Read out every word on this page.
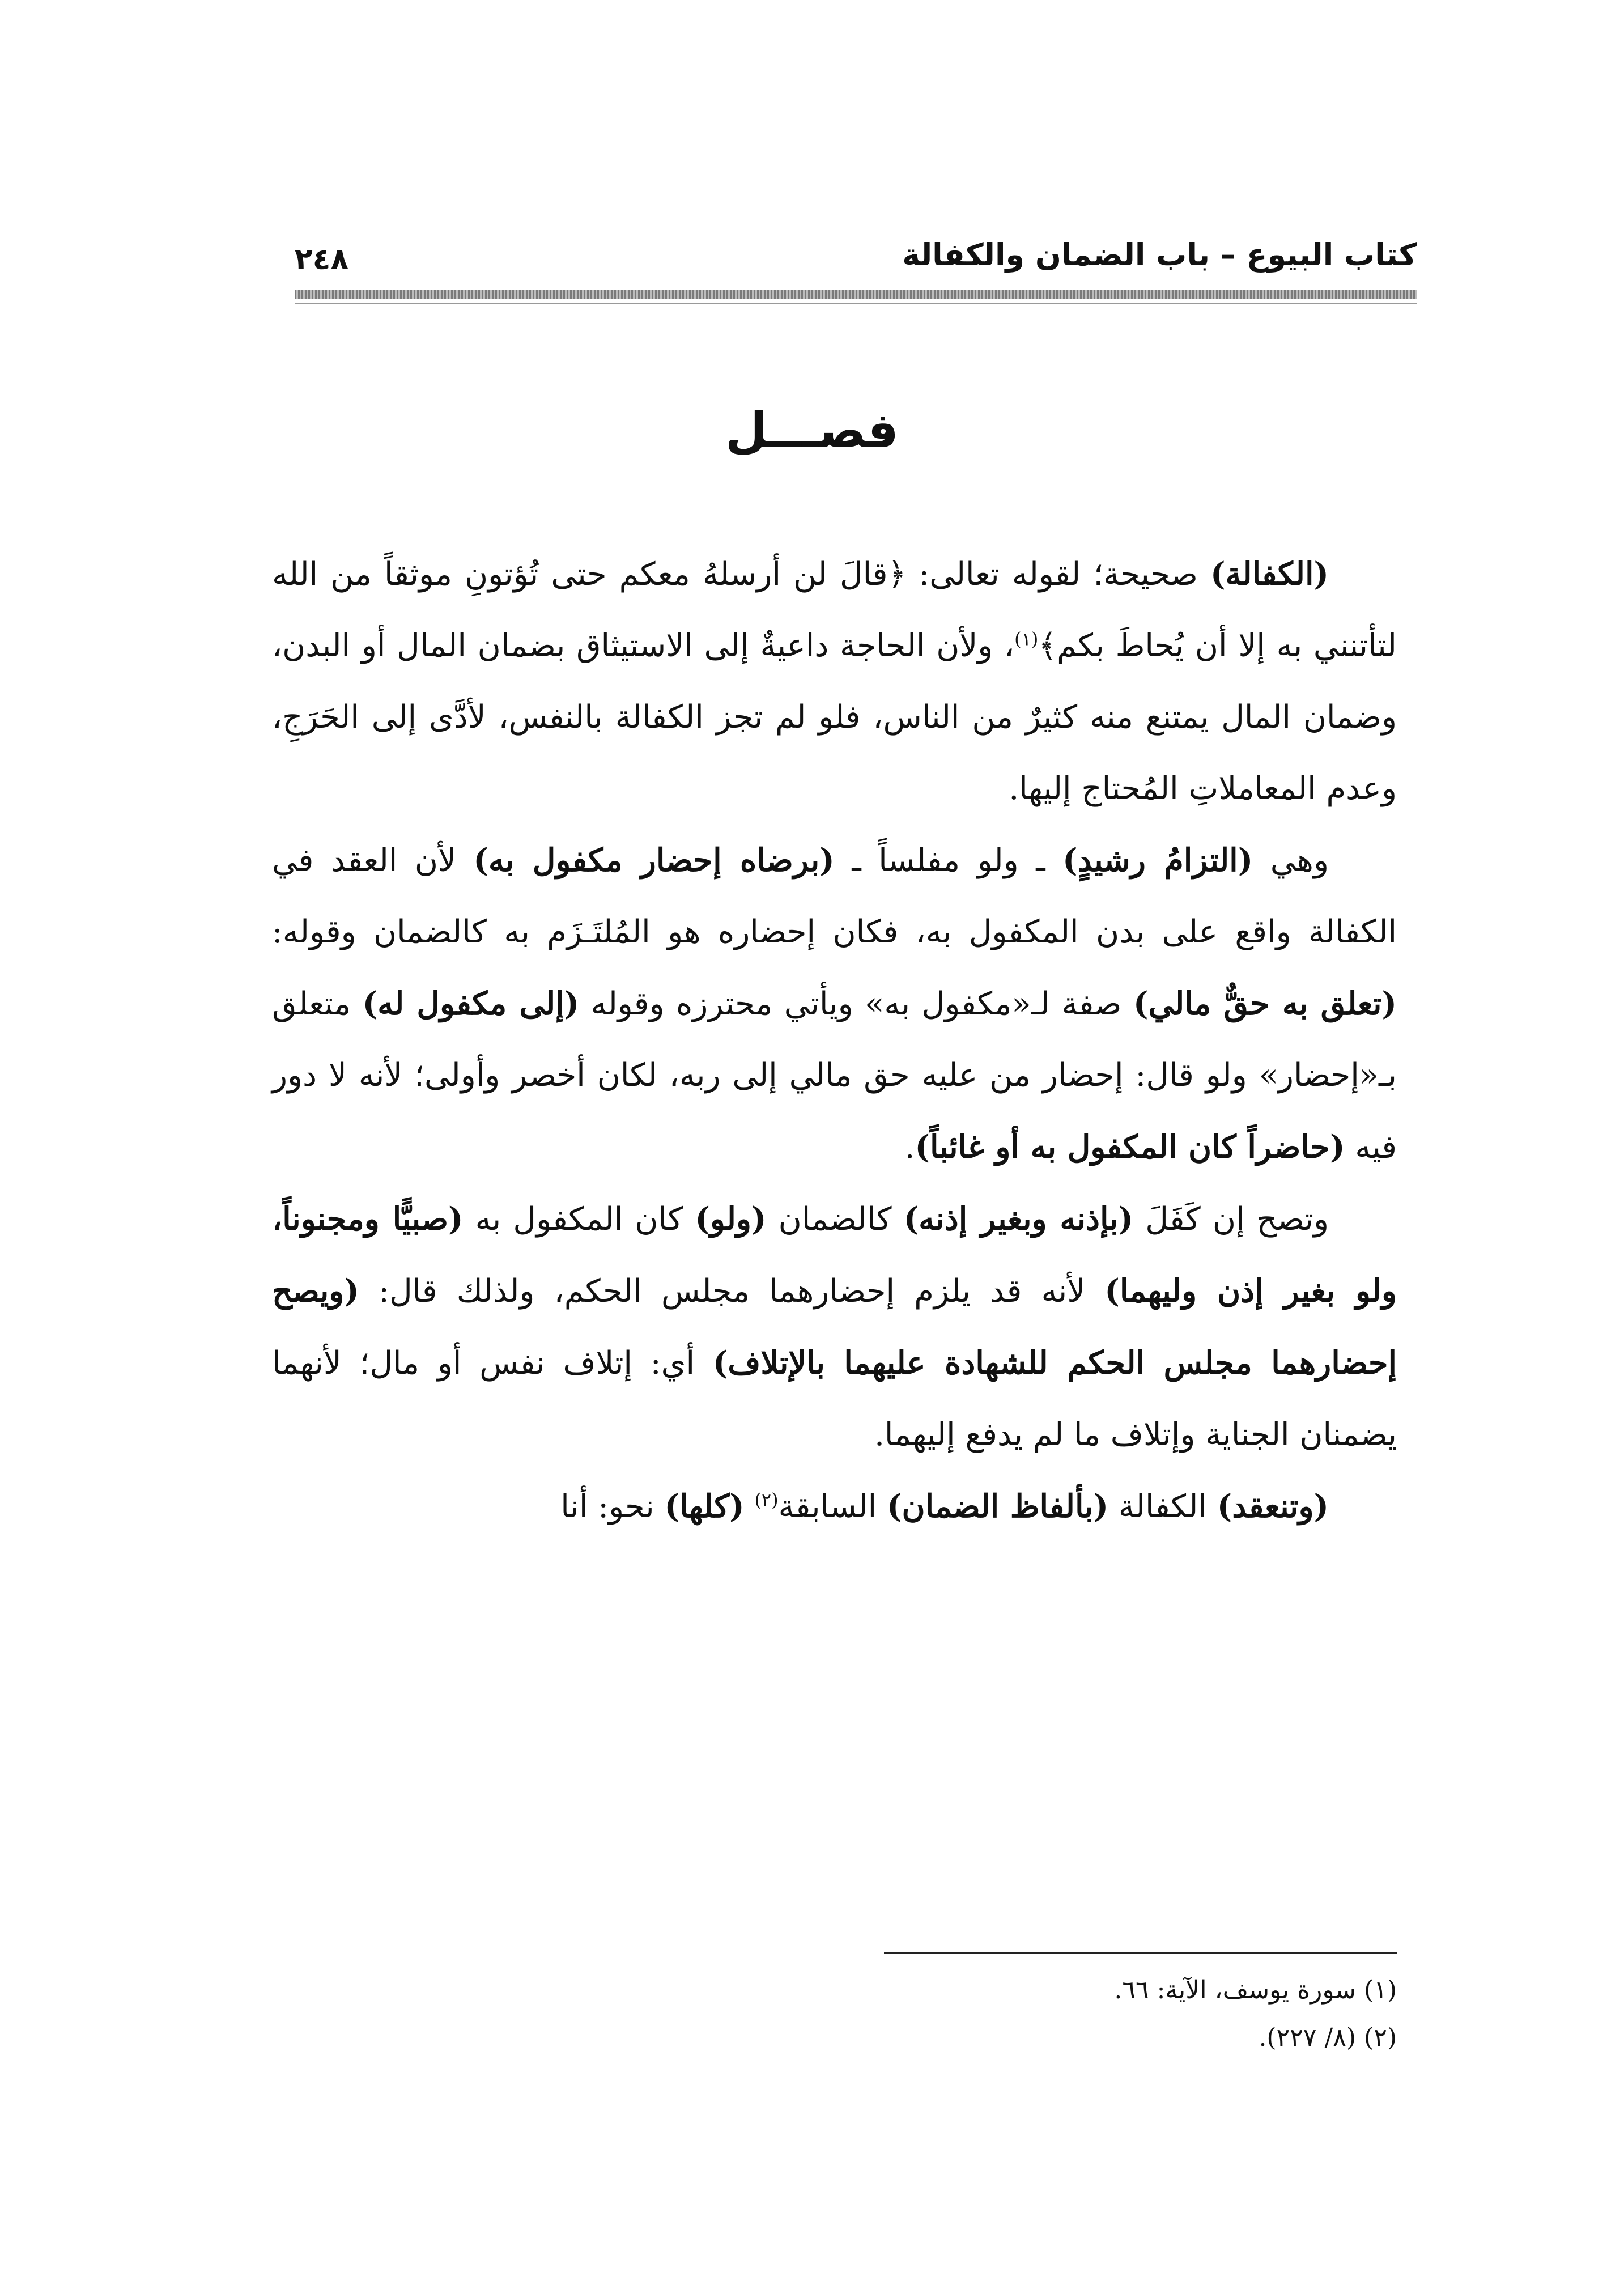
كتاب البيوع – باب الضمان والكفالة
٢٤٨
فصـــل

(الكفالة) صحيحة؛ لقوله تعالى: ﴿قالَ لن أرسلهُ معكم حتى تُؤتونِ موثقاً من الله لتأتنني به إلا أن يُحاطَ بكم﴾$^{(١)}$، ولأن الحاجة داعيةٌ إلى الاستيثاق بضمان المال أو البدن، وضمان المال يمتنع منه كثيرٌ من الناس، فلو لم تجز الكفالة بالنفس، لأدَّى إلى الحَرَجِ، وعدم المعاملاتِ المُحتاج إليها.

وهي (التزامُ رشيدٍ) ـ ولو مفلساً ـ (برضاه إحضار مكفول به) لأن العقد في الكفالة واقع على بدن المكفول به، فكان إحضاره هو المُلتَـزَم به كالضمان وقوله: (تعلق به حقٌّ مالي) صفة لـ«مكفول به» ويأتي محترزه وقوله (إلى مكفول له) متعلق بـ«إحضار» ولو قال: إحضار من عليه حق مالي إلى ربه، لكان أخصر وأولى؛ لأنه لا دور فيه (حاضراً كان المكفول به أو غائباً).

وتصح إن كَفَلَ (بإذنه وبغير إذنه) كالضمان (ولو) كان المكفول به (صبيًّا ومجنوناً، ولو بغير إذن وليهما) لأنه قد يلزم إحضارهما مجلس الحكم، ولذلك قال: (ويصح إحضارهما مجلس الحكم للشهادة عليهما بالإتلاف) أي: إتلاف نفس أو مال؛ لأنهما يضمنان الجناية وإتلاف ما لم يدفع إليهما.

(وتنعقد) الكفالة (بألفاظ الضمان) السابقة$^{(٢)}$ (كلها) نحو: أنا

(١) سورة يوسف، الآية: ٦٦.
(٢) (٨/ ٢٢٧).
